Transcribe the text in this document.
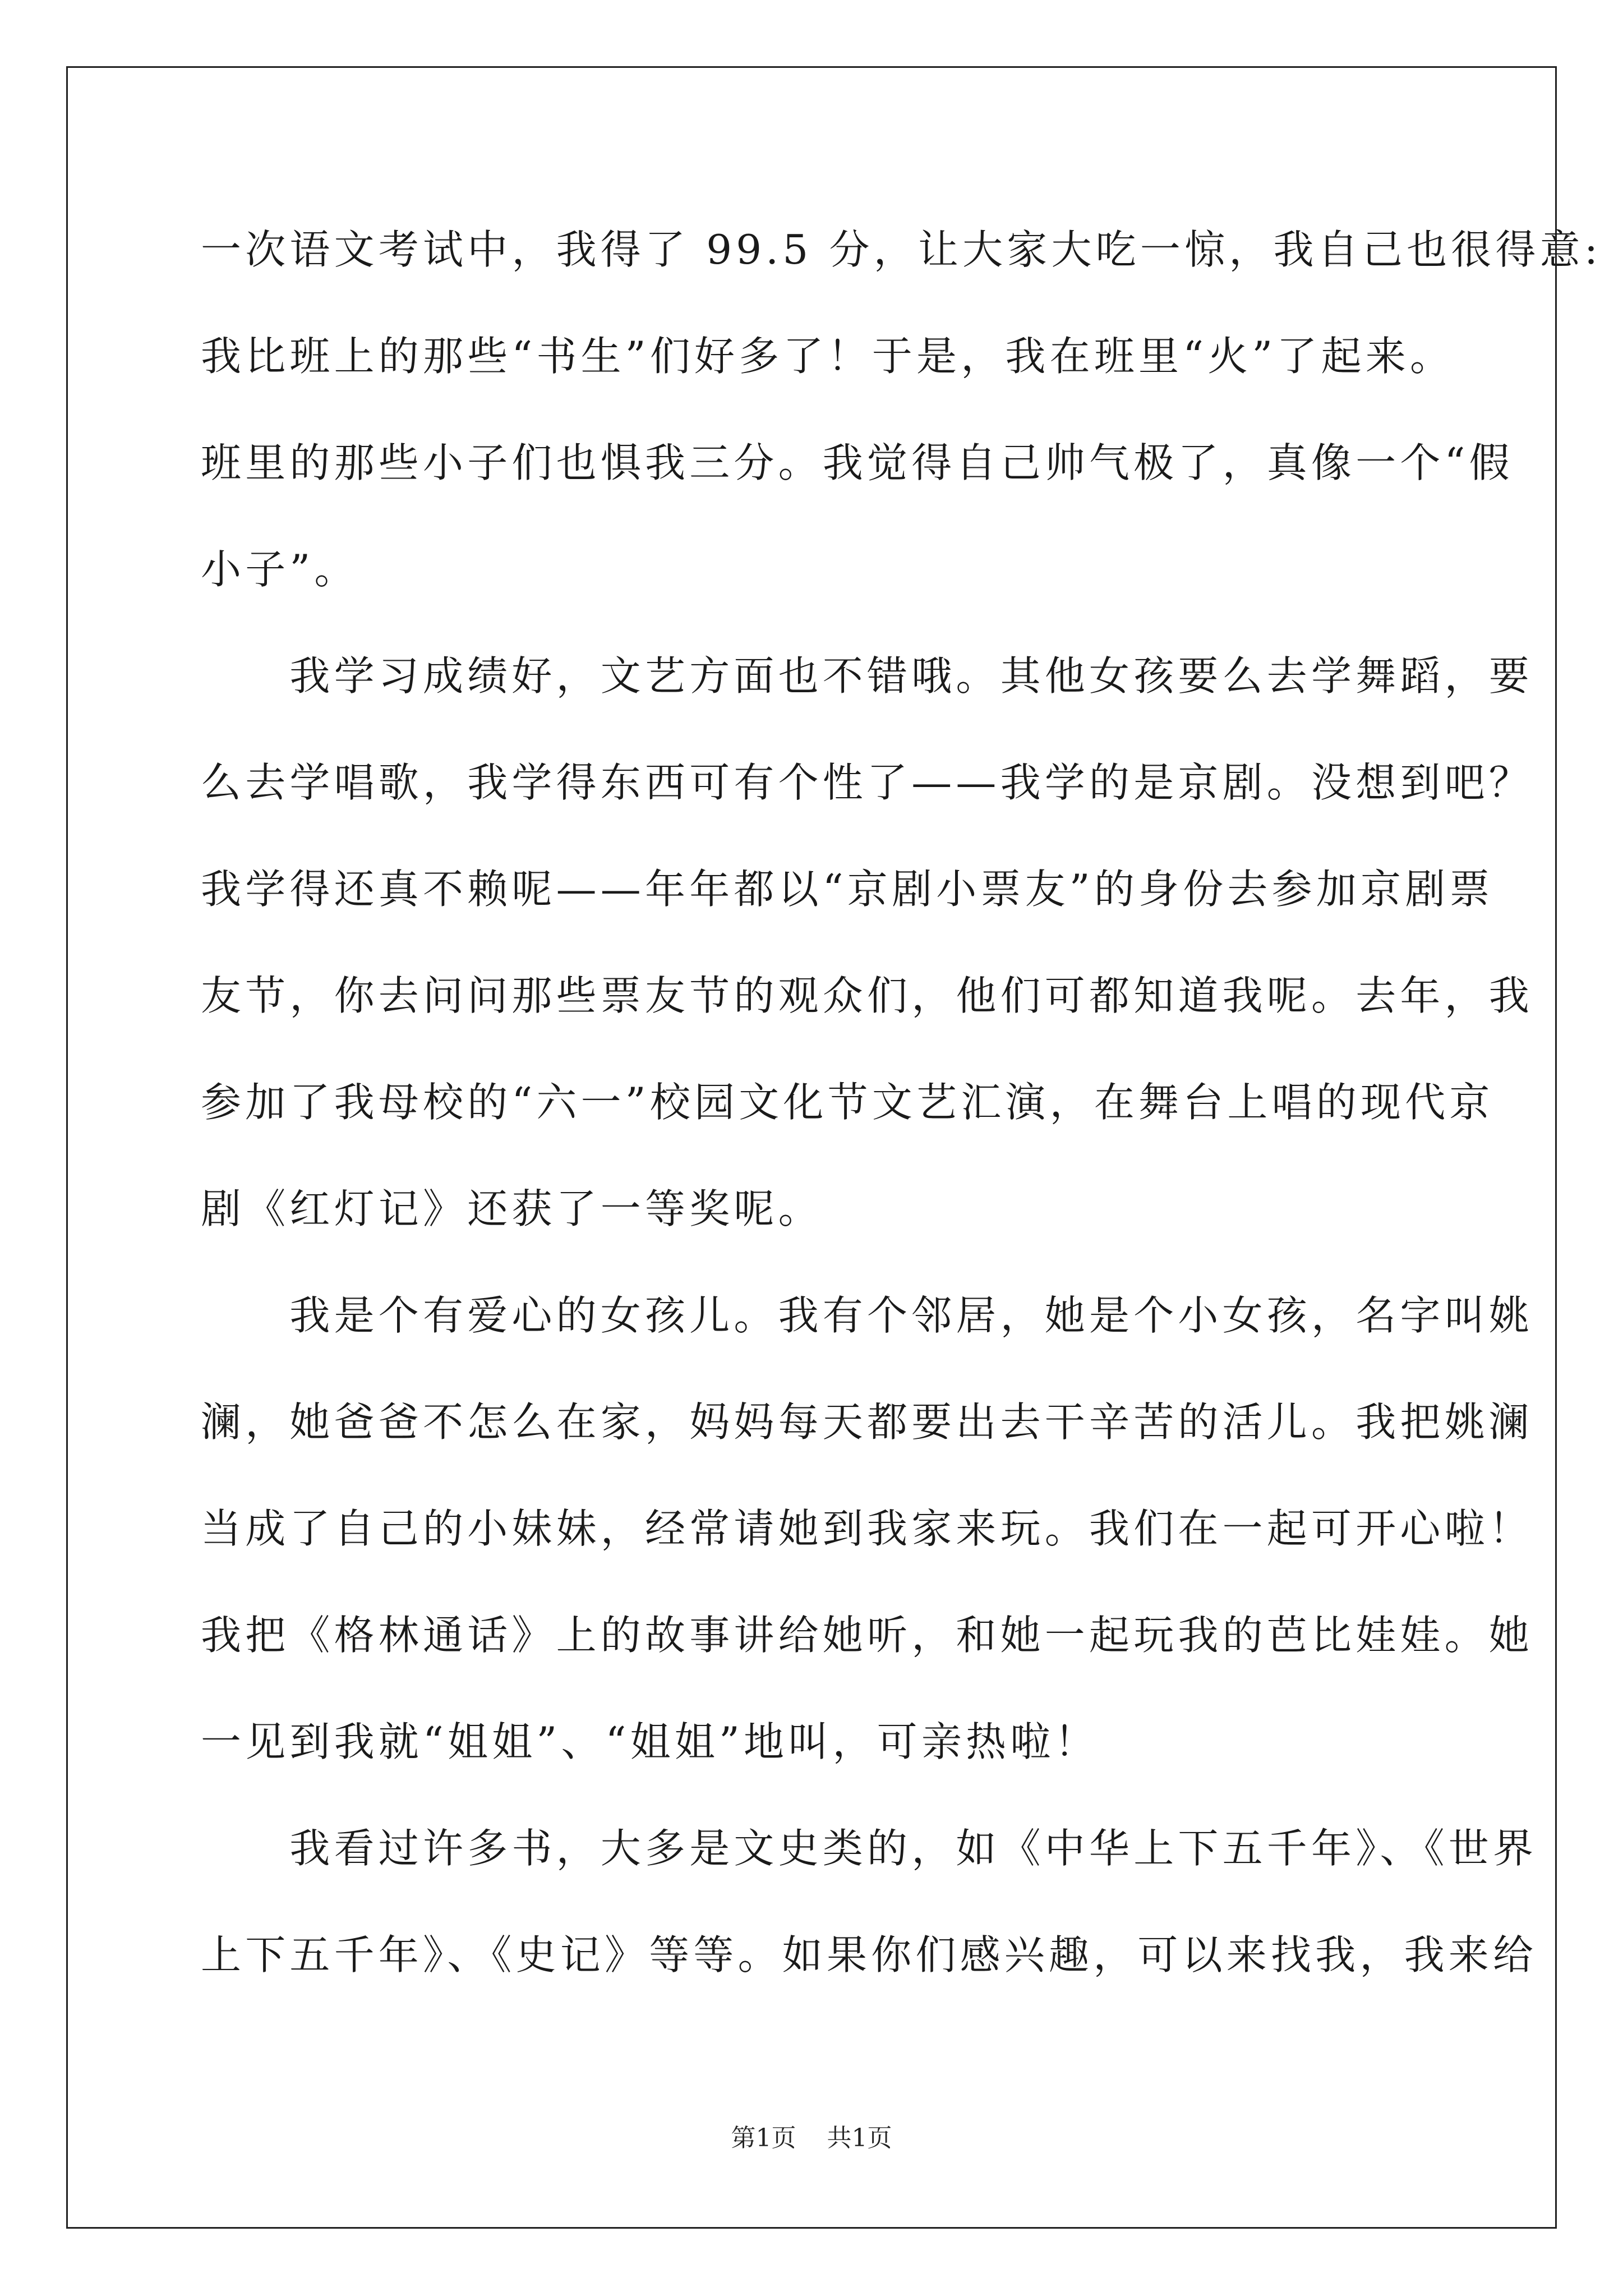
一次语文考试中，我得了 99.5 分，让大家大吃一惊，我自己也很得意:
我比班上的那些“书生”们好多了！于是，我在班里“火”了起来。
班里的那些小子们也惧我三分。我觉得自己帅气极了，真像一个“假
小子”。
　　我学习成绩好，文艺方面也不错哦。其他女孩要么去学舞蹈，要
么去学唱歌，我学得东西可有个性了——我学的是京剧。没想到吧？
我学得还真不赖呢——年年都以“京剧小票友”的身份去参加京剧票
友节，你去问问那些票友节的观众们，他们可都知道我呢。去年，我
参加了我母校的“六一”校园文化节文艺汇演，在舞台上唱的现代京
剧《红灯记》还获了一等奖呢。
　　我是个有爱心的女孩儿。我有个邻居，她是个小女孩，名字叫姚
澜，她爸爸不怎么在家，妈妈每天都要出去干辛苦的活儿。我把姚澜
当成了自己的小妹妹，经常请她到我家来玩。我们在一起可开心啦！
我把《格林通话》上的故事讲给她听，和她一起玩我的芭比娃娃。她
一见到我就“姐姐”、“姐姐”地叫，可亲热啦！
　　我看过许多书，大多是文史类的，如《中华上下五千年》、《世界
上下五千年》、《史记》等等。如果你们感兴趣，可以来找我，我来给
第1页 共1页
